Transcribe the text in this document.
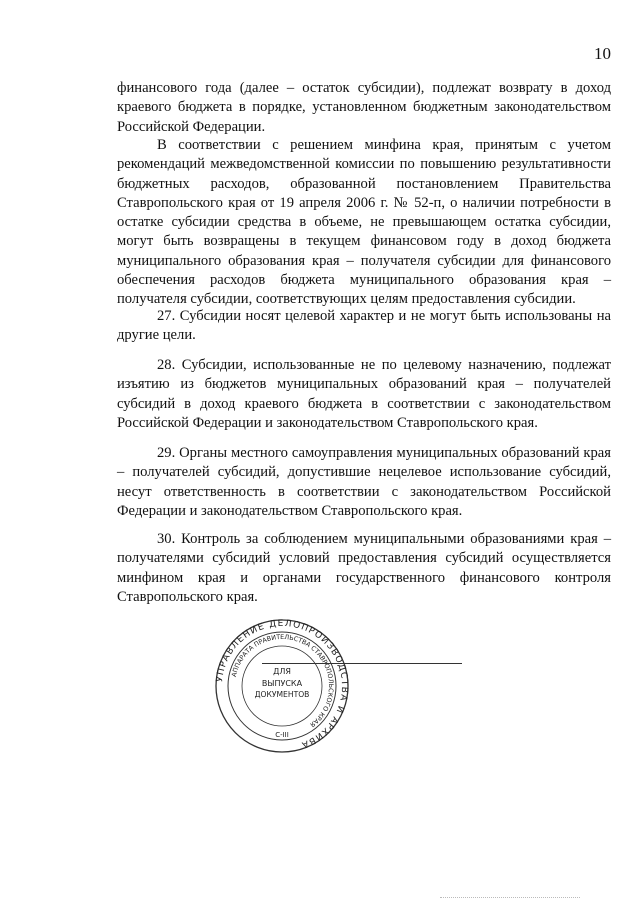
10

финансового года (далее – остаток субсидии), подлежат возврату в доход краевого бюджета в порядке, установленном бюджетным законодательством Российской Федерации.

В соответствии с решением минфина края, принятым с учетом рекомендаций межведомственной комиссии по повышению результативности бюджетных расходов, образованной постановлением Правительства Ставропольского края от 19 апреля 2006 г. № 52-п, о наличии потребности в остатке субсидии средства в объеме, не превышающем остатка субсидии, могут быть возвращены в текущем финансовом году в доход бюджета муниципального образования края – получателя субсидии для финансового обеспечения расходов бюджета муниципального образования края – получателя субсидии, соответствующих целям предоставления субсидии.

27. Субсидии носят целевой характер и не могут быть использованы на другие цели.

28. Субсидии, использованные не по целевому назначению, подлежат изъятию из бюджетов муниципальных образований края – получателей субсидий в доход краевого бюджета в соответствии с законодательством Российской Федерации и законодательством Ставропольского края.

29. Органы местного самоуправления муниципальных образований края – получателей субсидий, допустившие нецелевое использование субсидий, несут ответственность в соответствии с законодательством Российской Федерации и законодательством Ставропольского края.

30. Контроль за соблюдением муниципальными образованиями края – получателями субсидий условий предоставления субсидий осуществляется минфином края и органами государственного финансового контроля Ставропольского края.

УПРАВЛЕНИЕ ДЕЛОПРОИЗВОДСТВА И АРХИВА
АППАРАТА ПРАВИТЕЛЬСТВА СТАВРОПОЛЬСКОГО КРАЯ
ДЛЯ
ВЫПУСКА
ДОКУМЕНТОВ
С-III
